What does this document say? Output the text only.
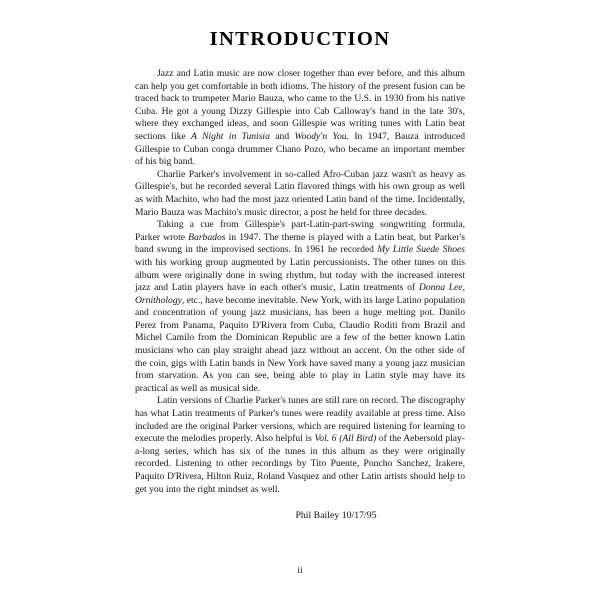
INTRODUCTION

Jazz and Latin music are now closer together than ever before, and this album can help you get comfortable in both idioms. The history of the present fusion can be traced back to trumpeter Mario Bauza, who came to the U.S. in 1930 from his native Cuba. He got a young Dizzy Gillespie into Cab Calloway's band in the late 30's, where they exchanged ideas, and soon Gillespie was writing tunes with Latin beat sections like A Night in Tunisia and Woody'n You. In 1947, Bauza introduced Gillespie to Cuban conga drummer Chano Pozo, who became an important member of his big band.

Charlie Parker's involvement in so-called Afro-Cuban jazz wasn't as heavy as Gillespie's, but he recorded several Latin flavored things with his own group as well as with Machito, who had the most jazz oriented Latin band of the time. Incidentally, Mario Bauza was Machito's music director, a post he held for three decades.

Taking a cue from Gillespie's part-Latin-part-swing songwriting formula, Parker wrote Barbados in 1947. The theme is played with a Latin beat, but Parker's band swung in the improvised sections. In 1961 he recorded My Little Suede Shoes with his working group augmented by Latin percussionists. The other tunes on this album were originally done in swing rhythm, but today with the increased interest jazz and Latin players have in each other's music, Latin treatments of Donna Lee, Ornithology, etc., have become inevitable. New York, with its large Latino population and concentration of young jazz musicians, has been a huge melting pot. Danilo Perez from Panama, Paquito D'Rivera from Cuba, Claudio Roditi from Brazil and Michel Camilo from the Dominican Republic are a few of the better known Latin musicians who can play straight ahead jazz without an accent. On the other side of the coin, gigs with Latin bands in New York have saved many a young jazz musician from starvation. As you can see, being able to play in Latin style may have its practical as well as musical side.

Latin versions of Charlie Parker's tunes are still rare on record. The discography has what Latin treatments of Parker's tunes were readily available at press time. Also included are the original Parker versions, which are required listening for learning to execute the melodies properly. Also helpful is Vol. 6 (All Bird) of the Aebersold play-a-long series, which has six of the tunes in this album as they were originally recorded. Listening to other recordings by Tito Puente, Poncho Sanchez, Irakere, Paquito D'Rivera, Hilton Ruiz, Roland Vasquez and other Latin artists should help to get you into the right mindset as well.

Phil Bailey 10/17/95
ii
